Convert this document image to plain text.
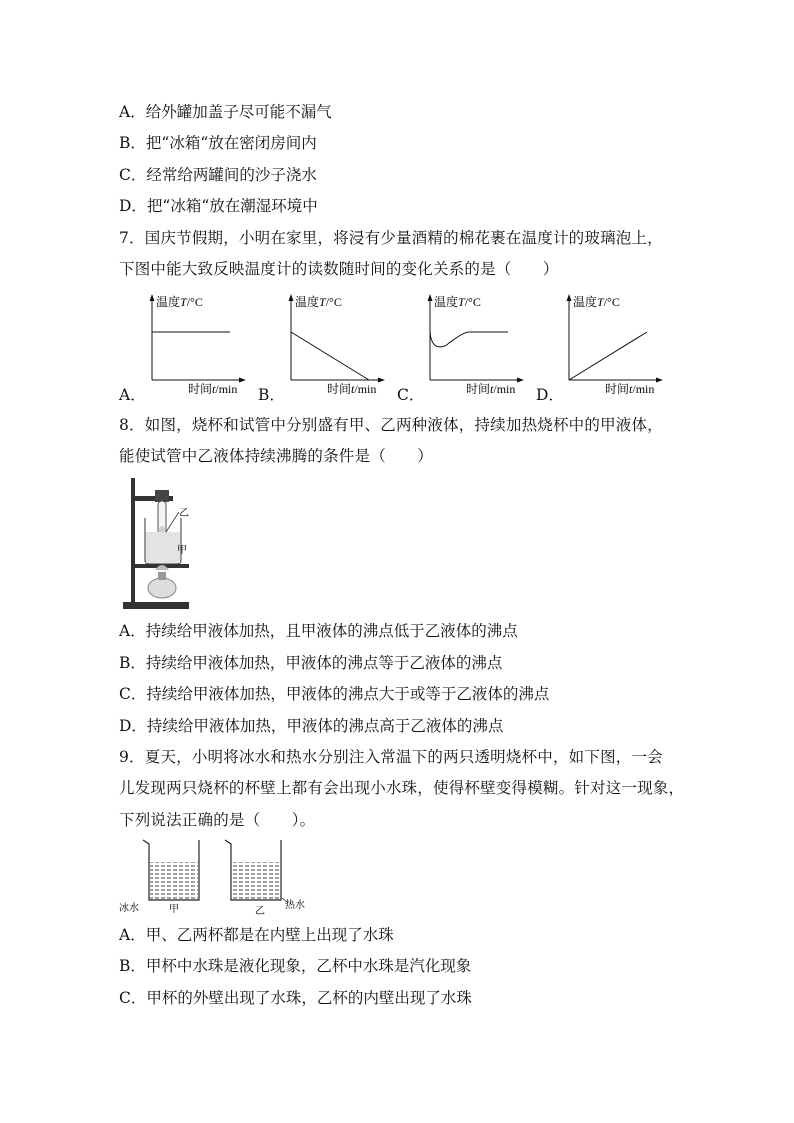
A．给外罐加盖子尽可能不漏气
B．把“冰箱“放在密闭房间内
C．经常给两罐间的沙子浇水
D．把“冰箱“放在潮湿环境中
7．国庆节假期，小明在家里，将浸有少量酒精的棉花裹在温度计的玻璃泡上，
下图中能大致反映温度计的读数随时间的变化关系的是（　　）
A．	B．	C．	D．
温度T/°C
时间t/min
温度T/°C
时间t/min
温度T/°C
时间t/min
温度T/°C
时间t/min
8．如图，烧杯和试管中分别盛有甲、乙两种液体，持续加热烧杯中的甲液体，
能使试管中乙液体持续沸腾的条件是（　　）
乙
甲
A．持续给甲液体加热，且甲液体的沸点低于乙液体的沸点
B．持续给甲液体加热，甲液体的沸点等于乙液体的沸点
C．持续给甲液体加热，甲液体的沸点大于或等于乙液体的沸点
D．持续给甲液体加热，甲液体的沸点高于乙液体的沸点
9．夏天，小明将冰水和热水分别注入常温下的两只透明烧杯中，如下图，一会
儿发现两只烧杯的杯壁上都有会出现小水珠，使得杯壁变得模糊。针对这一现象，
下列说法正确的是（　　）。
冰水	甲	乙
热水
A．甲、乙两杯都是在内壁上出现了水珠
B．甲杯中水珠是液化现象，乙杯中水珠是汽化现象
C．甲杯的外壁出现了水珠，乙杯的内壁出现了水珠
